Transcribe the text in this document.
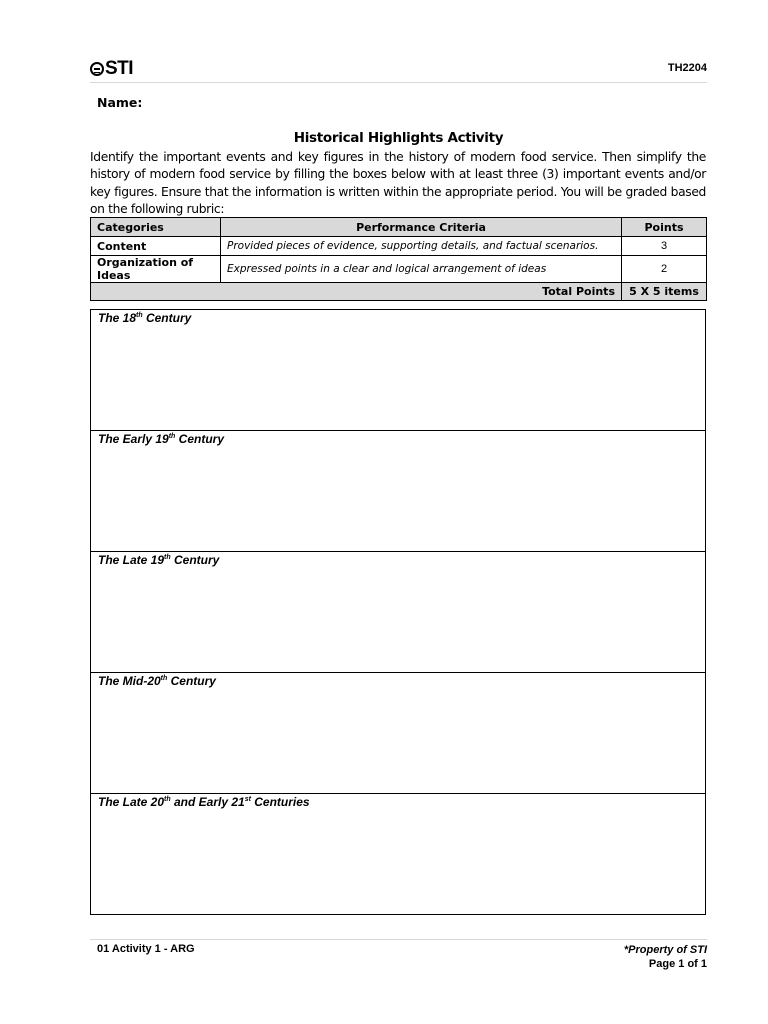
STI	TH2204
Name:
Historical Highlights Activity
Identify the important events and key figures in the history of modern food service. Then simplify the history of modern food service by filling the boxes below with at least three (3) important events and/or key figures. Ensure that the information is written within the appropriate period. You will be graded based on the following rubric:
Categories	Performance Criteria	Points
Content	Provided pieces of evidence, supporting details, and factual scenarios.	3
Organization of Ideas	Expressed points in a clear and logical arrangement of ideas	2
Total Points		5 X 5 items
The 18th Century
The Early 19th Century
The Late 19th Century
The Mid-20th Century
The Late 20th and Early 21st Centuries
01 Activity 1 - ARG	*Property of STI
Page 1 of 1
